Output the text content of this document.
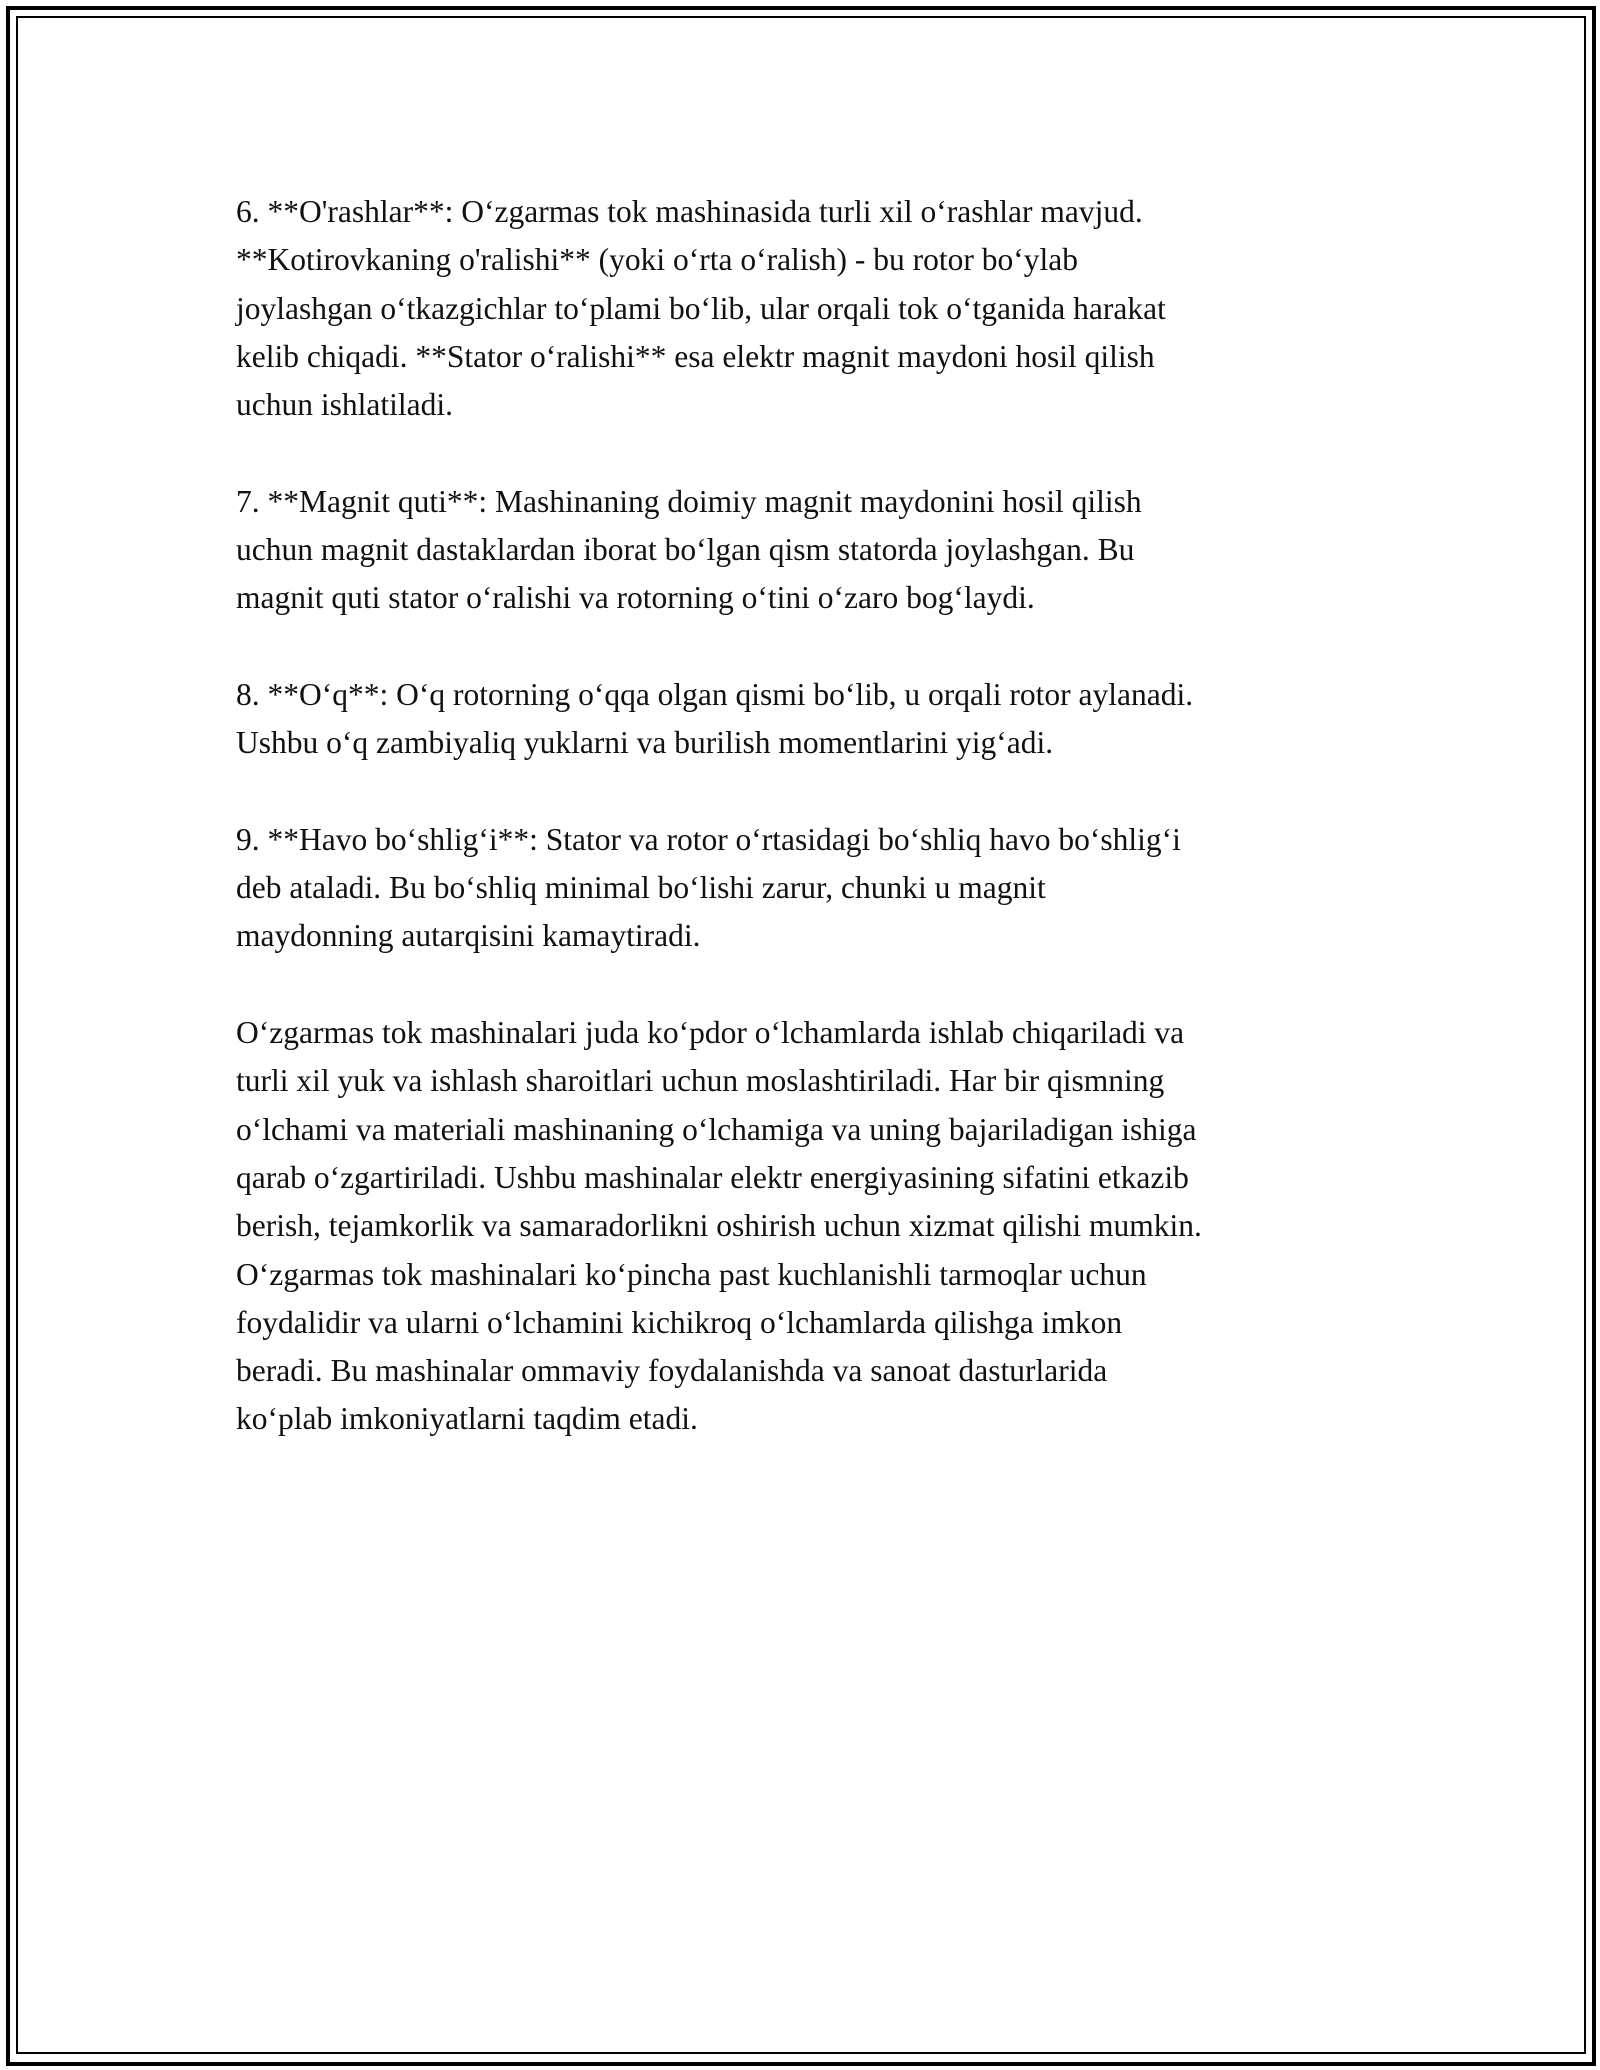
6. **O'rashlar**: O‘zgarmas tok mashinasida turli xil o‘rashlar mavjud.
**Kotirovkaning o'ralishi** (yoki o‘rta o‘ralish) - bu rotor bo‘ylab
joylashgan o‘tkazgichlar to‘plami bo‘lib, ular orqali tok o‘tganida harakat
kelib chiqadi. **Stator o‘ralishi** esa elektr magnit maydoni hosil qilish
uchun ishlatiladi.

7. **Magnit quti**: Mashinaning doimiy magnit maydonini hosil qilish
uchun magnit dastaklardan iborat bo‘lgan qism statorda joylashgan. Bu
magnit quti stator o‘ralishi va rotorning o‘tini o‘zaro bog‘laydi.

8. **O‘q**: O‘q rotorning o‘qqa olgan qismi bo‘lib, u orqali rotor aylanadi.
Ushbu o‘q zambiyaliq yuklarni va burilish momentlarini yig‘adi.

9. **Havo bo‘shlig‘i**: Stator va rotor o‘rtasidagi bo‘shliq havo bo‘shlig‘i
deb ataladi. Bu bo‘shliq minimal bo‘lishi zarur, chunki u magnit
maydonning autarqisini kamaytiradi.

O‘zgarmas tok mashinalari juda ko‘pdor o‘lchamlarda ishlab chiqariladi va
turli xil yuk va ishlash sharoitlari uchun moslashtiriladi. Har bir qismning
o‘lchami va materiali mashinaning o‘lchamiga va uning bajariladigan ishiga
qarab o‘zgartiriladi. Ushbu mashinalar elektr energiyasining sifatini etkazib
berish, tejamkorlik va samaradorlikni oshirish uchun xizmat qilishi mumkin.
O‘zgarmas tok mashinalari ko‘pincha past kuchlanishli tarmoqlar uchun
foydalidir va ularni o‘lchamini kichikroq o‘lchamlarda qilishga imkon
beradi. Bu mashinalar ommaviy foydalanishda va sanoat dasturlarida
ko‘plab imkoniyatlarni taqdim etadi.
